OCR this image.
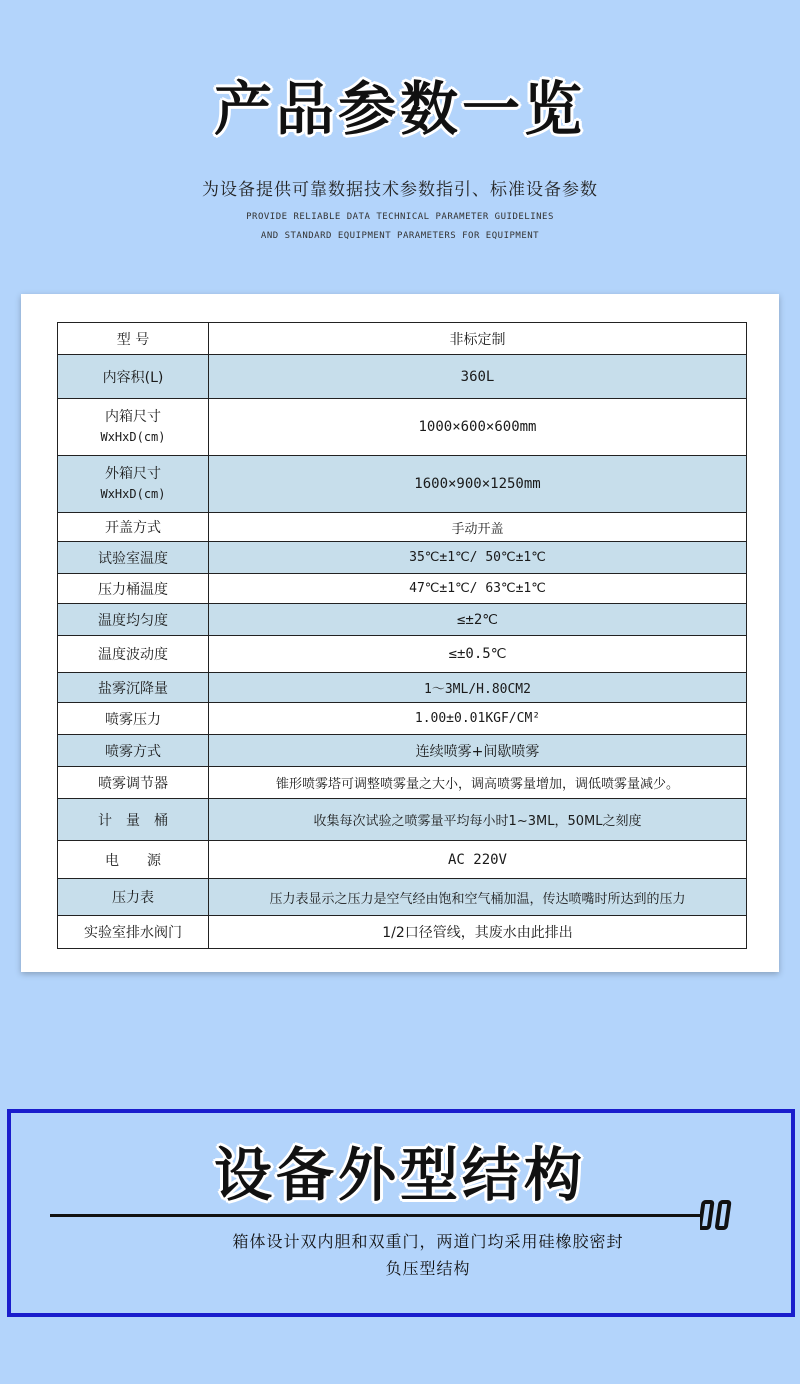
产品参数一览
为设备提供可靠数据技术参数指引、标准设备参数
PROVIDE RELIABLE DATA TECHNICAL PARAMETER GUIDELINES
AND STANDARD EQUIPMENT PARAMETERS FOR EQUIPMENT
型 号	非标定制
内容积(L)	360L

内箱尺寸
WxHxD(cm)	1000×600×600mm

外箱尺寸
WxHxD(cm)	1600×900×1250mm
开盖方式	手动开盖
试验室温度	35℃±1℃/ 50℃±1℃
压力桶温度	47℃±1℃/ 63℃±1℃
温度均匀度	≤±2℃
温度波动度	≤±0.5℃
盐雾沉降量	1～3ML/H.80CM2
喷雾压力	1.00±0.01KGF/CM²
喷雾方式	连续喷雾+间歇喷雾
喷雾调节器	锥形喷雾塔可调整喷雾量之大小，调高喷雾量增加，调低喷雾量减少。
计　量　桶	收集每次试验之喷雾量平均每小时1~3ML，50ML之刻度
电　　源	AC 220V
压力表	压力表显示之压力是空气经由饱和空气桶加温，传达喷嘴时所达到的压力
实验室排水阀门	1/2口径管线，其废水由此排出
设备外型结构
箱体设计双内胆和双重门，两道门均采用硅橡胶密封
负压型结构
